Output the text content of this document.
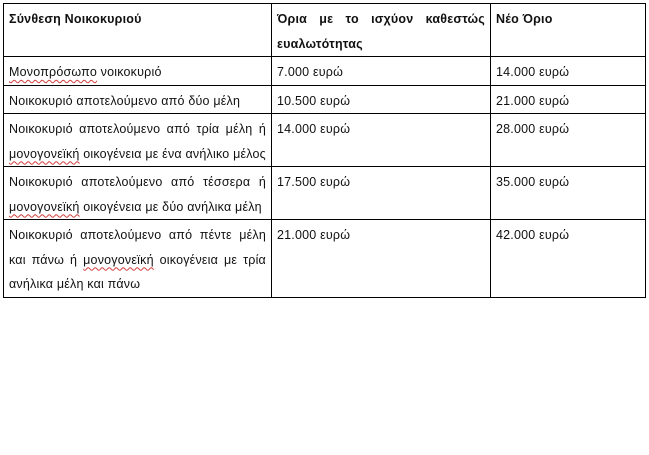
Σύνθεση Νοικοκυριού	Όρια με το ισχύον καθεστώς ευαλωτότητας	Νέο Όριο
Μονοπρόσωπο νοικοκυριό	7.000 ευρώ	14.000 ευρώ
Νοικοκυριό αποτελούμενο από δύο μέλη	10.500 ευρώ	21.000 ευρώ
Νοικοκυριό αποτελούμενο από τρία μέλη ή μονογονεϊκή οικογένεια με ένα ανήλικο μέλος	14.000 ευρώ	28.000 ευρώ
Νοικοκυριό αποτελούμενο από τέσσερα ή μονογονεϊκή οικογένεια με δύο ανήλικα μέλη	17.500 ευρώ	35.000 ευρώ
Νοικοκυριό αποτελούμενο από πέντε μέλη και πάνω ή μονογονεϊκή οικογένεια με τρία ανήλικα μέλη και πάνω	21.000 ευρώ	42.000 ευρώ
